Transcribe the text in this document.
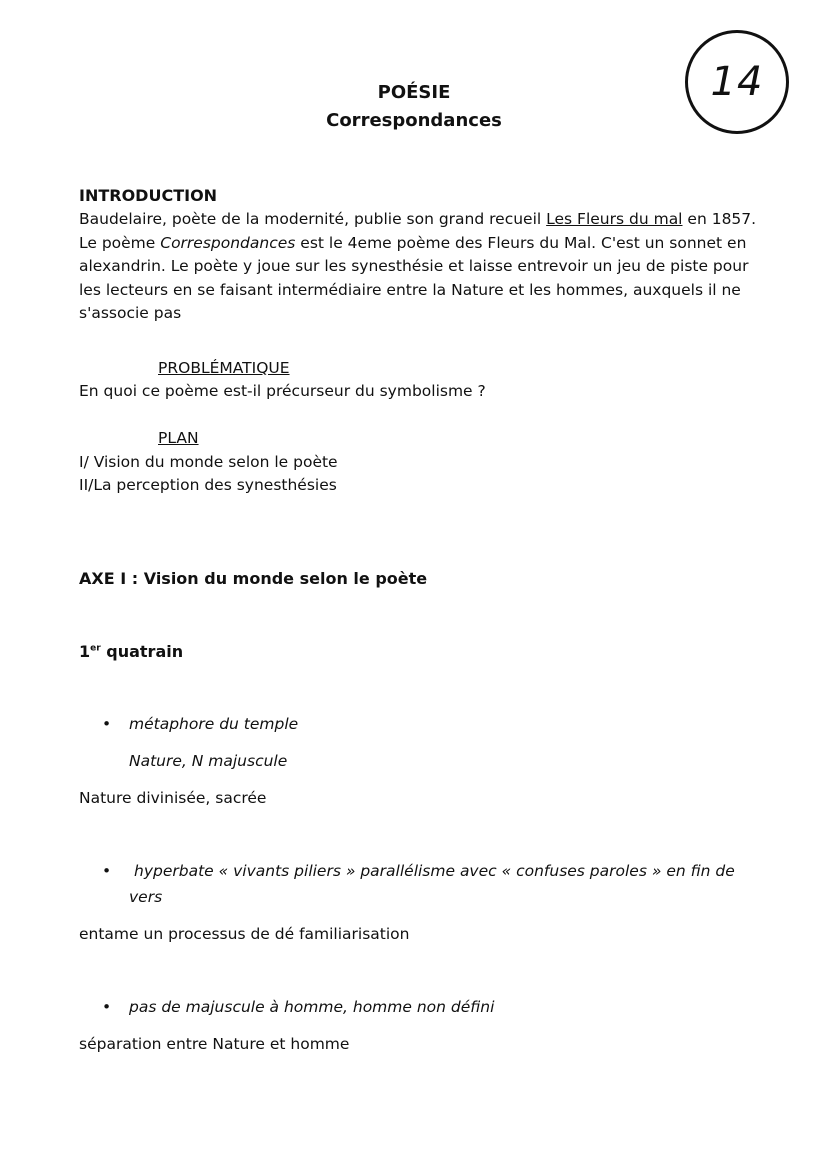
POÉSIE
Correspondances
14
INTRODUCTION
Baudelaire, poète de la modernité, publie son grand recueil Les Fleurs du mal en 1857.
Le poème Correspondances est le 4eme poème des Fleurs du Mal. C'est un sonnet en alexandrin. Le poète y joue sur les synesthésie et laisse entrevoir un jeu de piste pour les lecteurs en se faisant intermédiaire entre la Nature et les hommes, auxquels il ne s'associe pas
PROBLÉMATIQUE
En quoi ce poème est-il précurseur du symbolisme ?
PLAN
I/ Vision du monde selon le poète
II/La perception des synesthésies
AXE I : Vision du monde selon le poète
1er quatrain
• métaphore du temple
Nature, N majuscule
Nature divinisée, sacrée
• hyperbate « vivants piliers » parallélisme avec « confuses paroles » en fin de
vers
entame un processus de dé familiarisation
• pas de majuscule à homme, homme non défini
séparation entre Nature et homme
